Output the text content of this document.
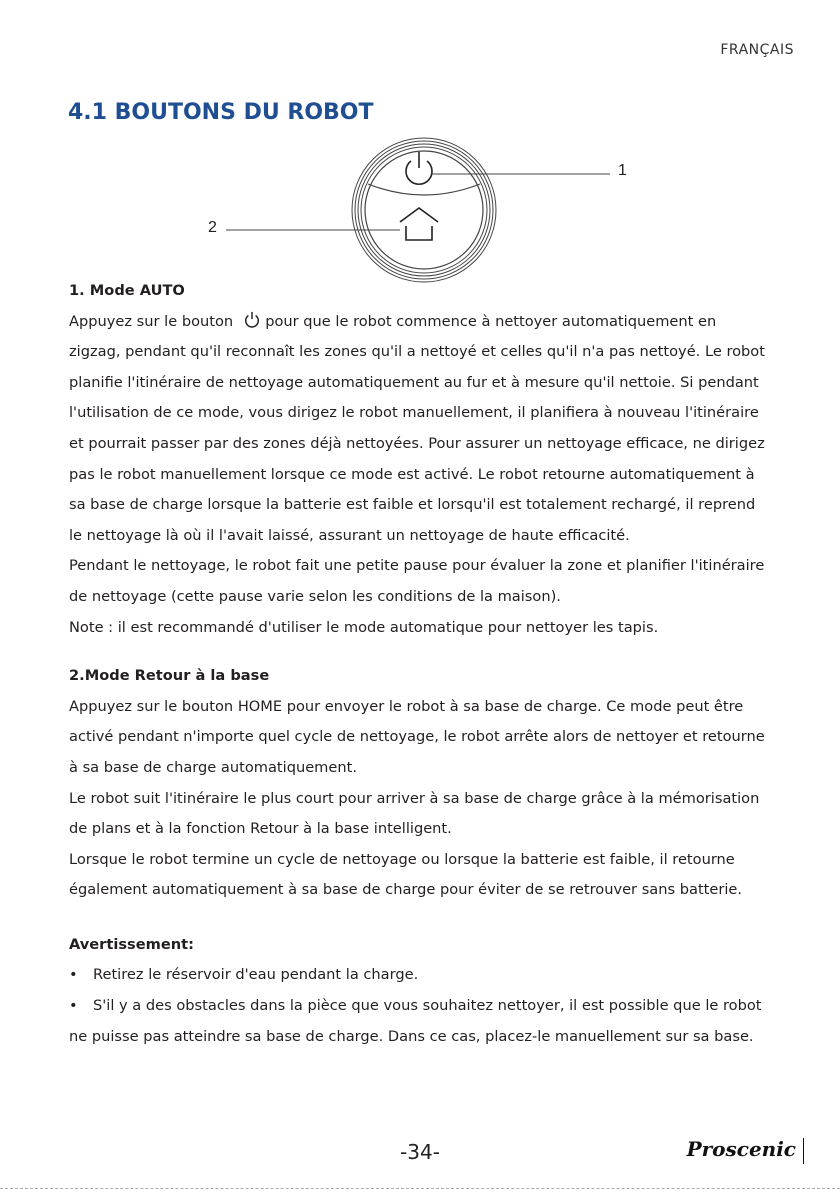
FRANÇAIS
4.1 BOUTONS DU ROBOT
1
2

1. Mode AUTO

Appuyez sur le bouton pour que le robot commence à nettoyer automatiquement en zigzag, pendant qu'il reconnaît les zones qu'il a nettoyé et celles qu'il n'a pas nettoyé. Le robot planifie l'itinéraire de nettoyage automatiquement au fur et à mesure qu'il nettoie. Si pendant l'utilisation de ce mode, vous dirigez le robot manuellement, il planifiera à nouveau l'itinéraire et pourrait passer par des zones déjà nettoyées. Pour assurer un nettoyage efficace, ne dirigez pas le robot manuellement lorsque ce mode est activé. Le robot retourne automatiquement à sa base de charge lorsque la batterie est faible et lorsqu'il est totalement rechargé, il reprend le nettoyage là où il l'avait laissé, assurant un nettoyage de haute efficacité.

Pendant le nettoyage, le robot fait une petite pause pour évaluer la zone et planifier l'itinéraire de nettoyage (cette pause varie selon les conditions de la maison).

Note : il est recommandé d'utiliser le mode automatique pour nettoyer les tapis.

2.Mode Retour à la base

Appuyez sur le bouton HOME pour envoyer le robot à sa base de charge. Ce mode peut être activé pendant n'importe quel cycle de nettoyage, le robot arrête alors de nettoyer et retourne à sa base de charge automatiquement.

Le robot suit l'itinéraire le plus court pour arriver à sa base de charge grâce à la mémorisation de plans et à la fonction Retour à la base intelligent.

Lorsque le robot termine un cycle de nettoyage ou lorsque la batterie est faible, il retourne également automatiquement à sa base de charge pour éviter de se retrouver sans batterie.

Avertissement:

• Retirez le réservoir d'eau pendant la charge.

• S'il y a des obstacles dans la pièce que vous souhaitez nettoyer, il est possible que le robot ne puisse pas atteindre sa base de charge. Dans ce cas, placez-le manuellement sur sa base.

-34-	Proscenic
